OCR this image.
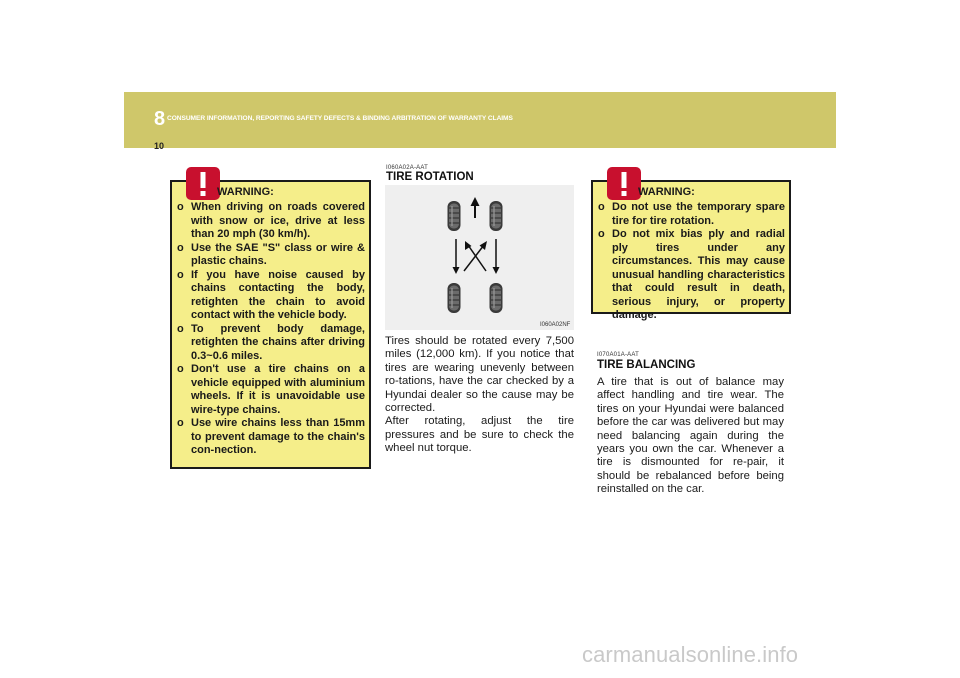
8 CONSUMER INFORMATION, REPORTING SAFETY DEFECTS & BINDING ARBITRATION OF WARRANTY CLAIMS
10
WARNING:
o When driving on roads covered with snow or ice, drive at less than 20 mph (30 km/h).
o Use the SAE "S" class or wire & plastic chains.
o If you have noise caused by chains contacting the body, retighten the chain to avoid contact with the vehicle body.
o To prevent body damage, retighten the chains after driving 0.3~0.6 miles.
o Don't use a tire chains on a vehicle equipped with aluminium wheels. If it is unavoidable use wire-type chains.
o Use wire chains less than 15mm to prevent damage to the chain's con-nection.
I060A02A-AAT
TIRE ROTATION
I060A02NF

Tires should be rotated every 7,500 miles (12,000 km). If you notice that tires are wearing unevenly between ro-tations, have the car checked by a Hyundai dealer so the cause may be corrected.

After rotating, adjust the tire pressures and be sure to check the wheel nut torque.

WARNING:
o Do not use the temporary spare tire for tire rotation.
o Do not mix bias ply and radial ply tires under any circumstances. This may cause unusual handling characteristics that could result in death, serious injury, or property damage.
I070A01A-AAT
TIRE BALANCING

A tire that is out of balance may affect handling and tire wear. The tires on your Hyundai were balanced before the car was delivered but may need balancing again during the years you own the car. Whenever a tire is dismounted for re-pair, it should be rebalanced before being reinstalled on the car.

carmanualsonline.info
